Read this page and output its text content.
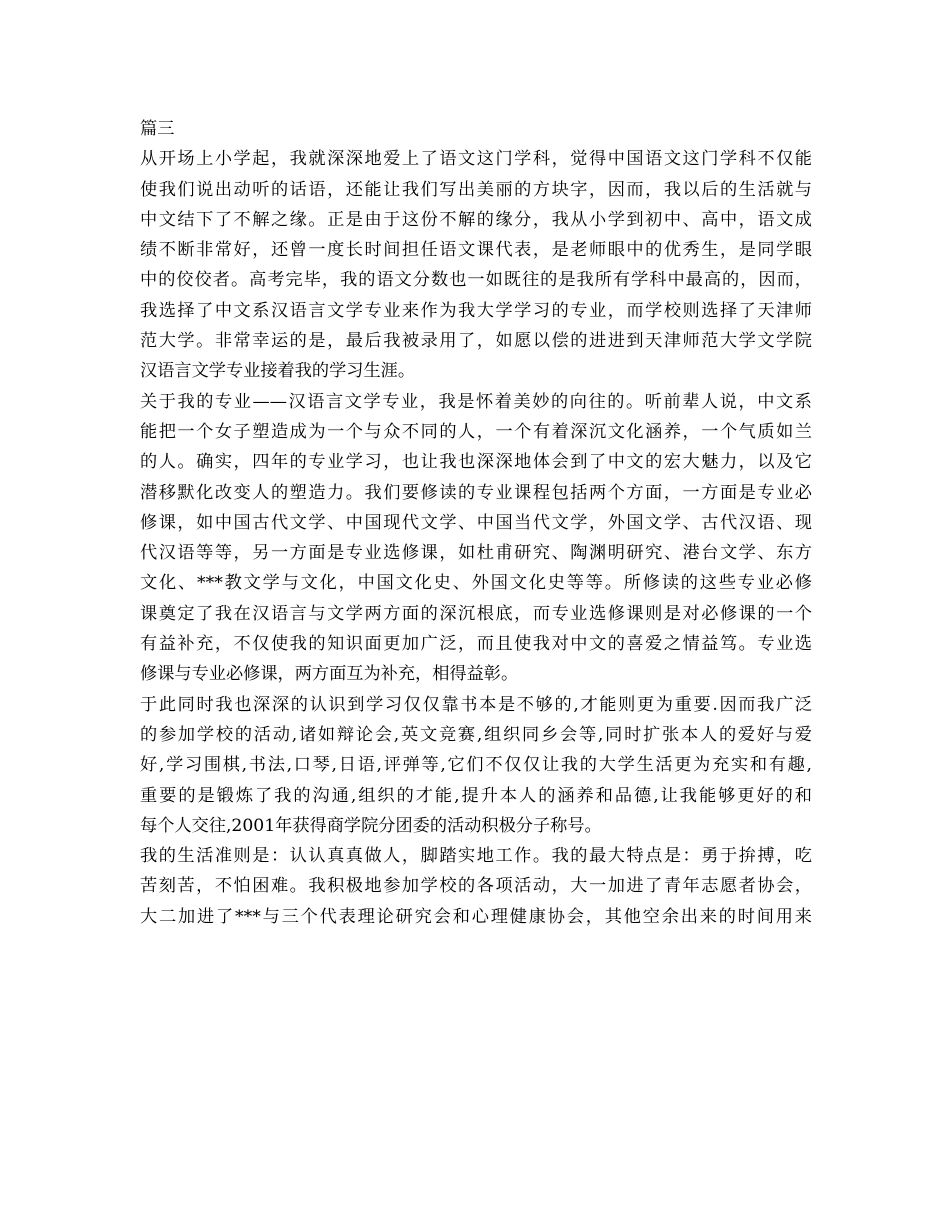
篇三
从开场上小学起，我就深深地爱上了语文这门学科，觉得中国语文这门学科不仅能
使我们说出动听的话语，还能让我们写出美丽的方块字，因而，我以后的生活就与
中文结下了不解之缘。正是由于这份不解的缘分，我从小学到初中、高中，语文成
绩不断非常好，还曾一度长时间担任语文课代表，是老师眼中的优秀生，是同学眼
中的佼佼者。高考完毕，我的语文分数也一如既往的是我所有学科中最高的，因而，
我选择了中文系汉语言文学专业来作为我大学学习的专业，而学校则选择了天津师
范大学。非常幸运的是，最后我被录用了，如愿以偿的进进到天津师范大学文学院
汉语言文学专业接着我的学习生涯。
关于我的专业——汉语言文学专业，我是怀着美妙的向往的。听前辈人说，中文系
能把一个女子塑造成为一个与众不同的人，一个有着深沉文化涵养，一个气质如兰
的人。确实，四年的专业学习，也让我也深深地体会到了中文的宏大魅力，以及它
潜移默化改变人的塑造力。我们要修读的专业课程包括两个方面，一方面是专业必
修课，如中国古代文学、中国现代文学、中国当代文学，外国文学、古代汉语、现
代汉语等等，另一方面是专业选修课，如杜甫研究、陶渊明研究、港台文学、东方
文化、***教文学与文化，中国文化史、外国文化史等等。所修读的这些专业必修
课奠定了我在汉语言与文学两方面的深沉根底，而专业选修课则是对必修课的一个
有益补充，不仅使我的知识面更加广泛，而且使我对中文的喜爱之情益笃。专业选
修课与专业必修课，两方面互为补充，相得益彰。
于此同时我也深深的认识到学习仅仅靠书本是不够的,才能则更为重要.因而我广泛
的参加学校的活动,诸如辩论会,英文竞赛,组织同乡会等,同时扩张本人的爱好与爱
好,学习围棋,书法,口琴,日语,评弹等,它们不仅仅让我的大学生活更为充实和有趣,
重要的是锻炼了我的沟通,组织的才能,提升本人的涵养和品德,让我能够更好的和
每个人交往,2001年获得商学院分团委的活动积极分子称号。
我的生活准则是：认认真真做人，脚踏实地工作。我的最大特点是：勇于拚搏，吃
苦刻苦，不怕困难。我积极地参加学校的各项活动，大一加进了青年志愿者协会，
大二加进了***与三个代表理论研究会和心理健康协会，其他空余出来的时间用来
